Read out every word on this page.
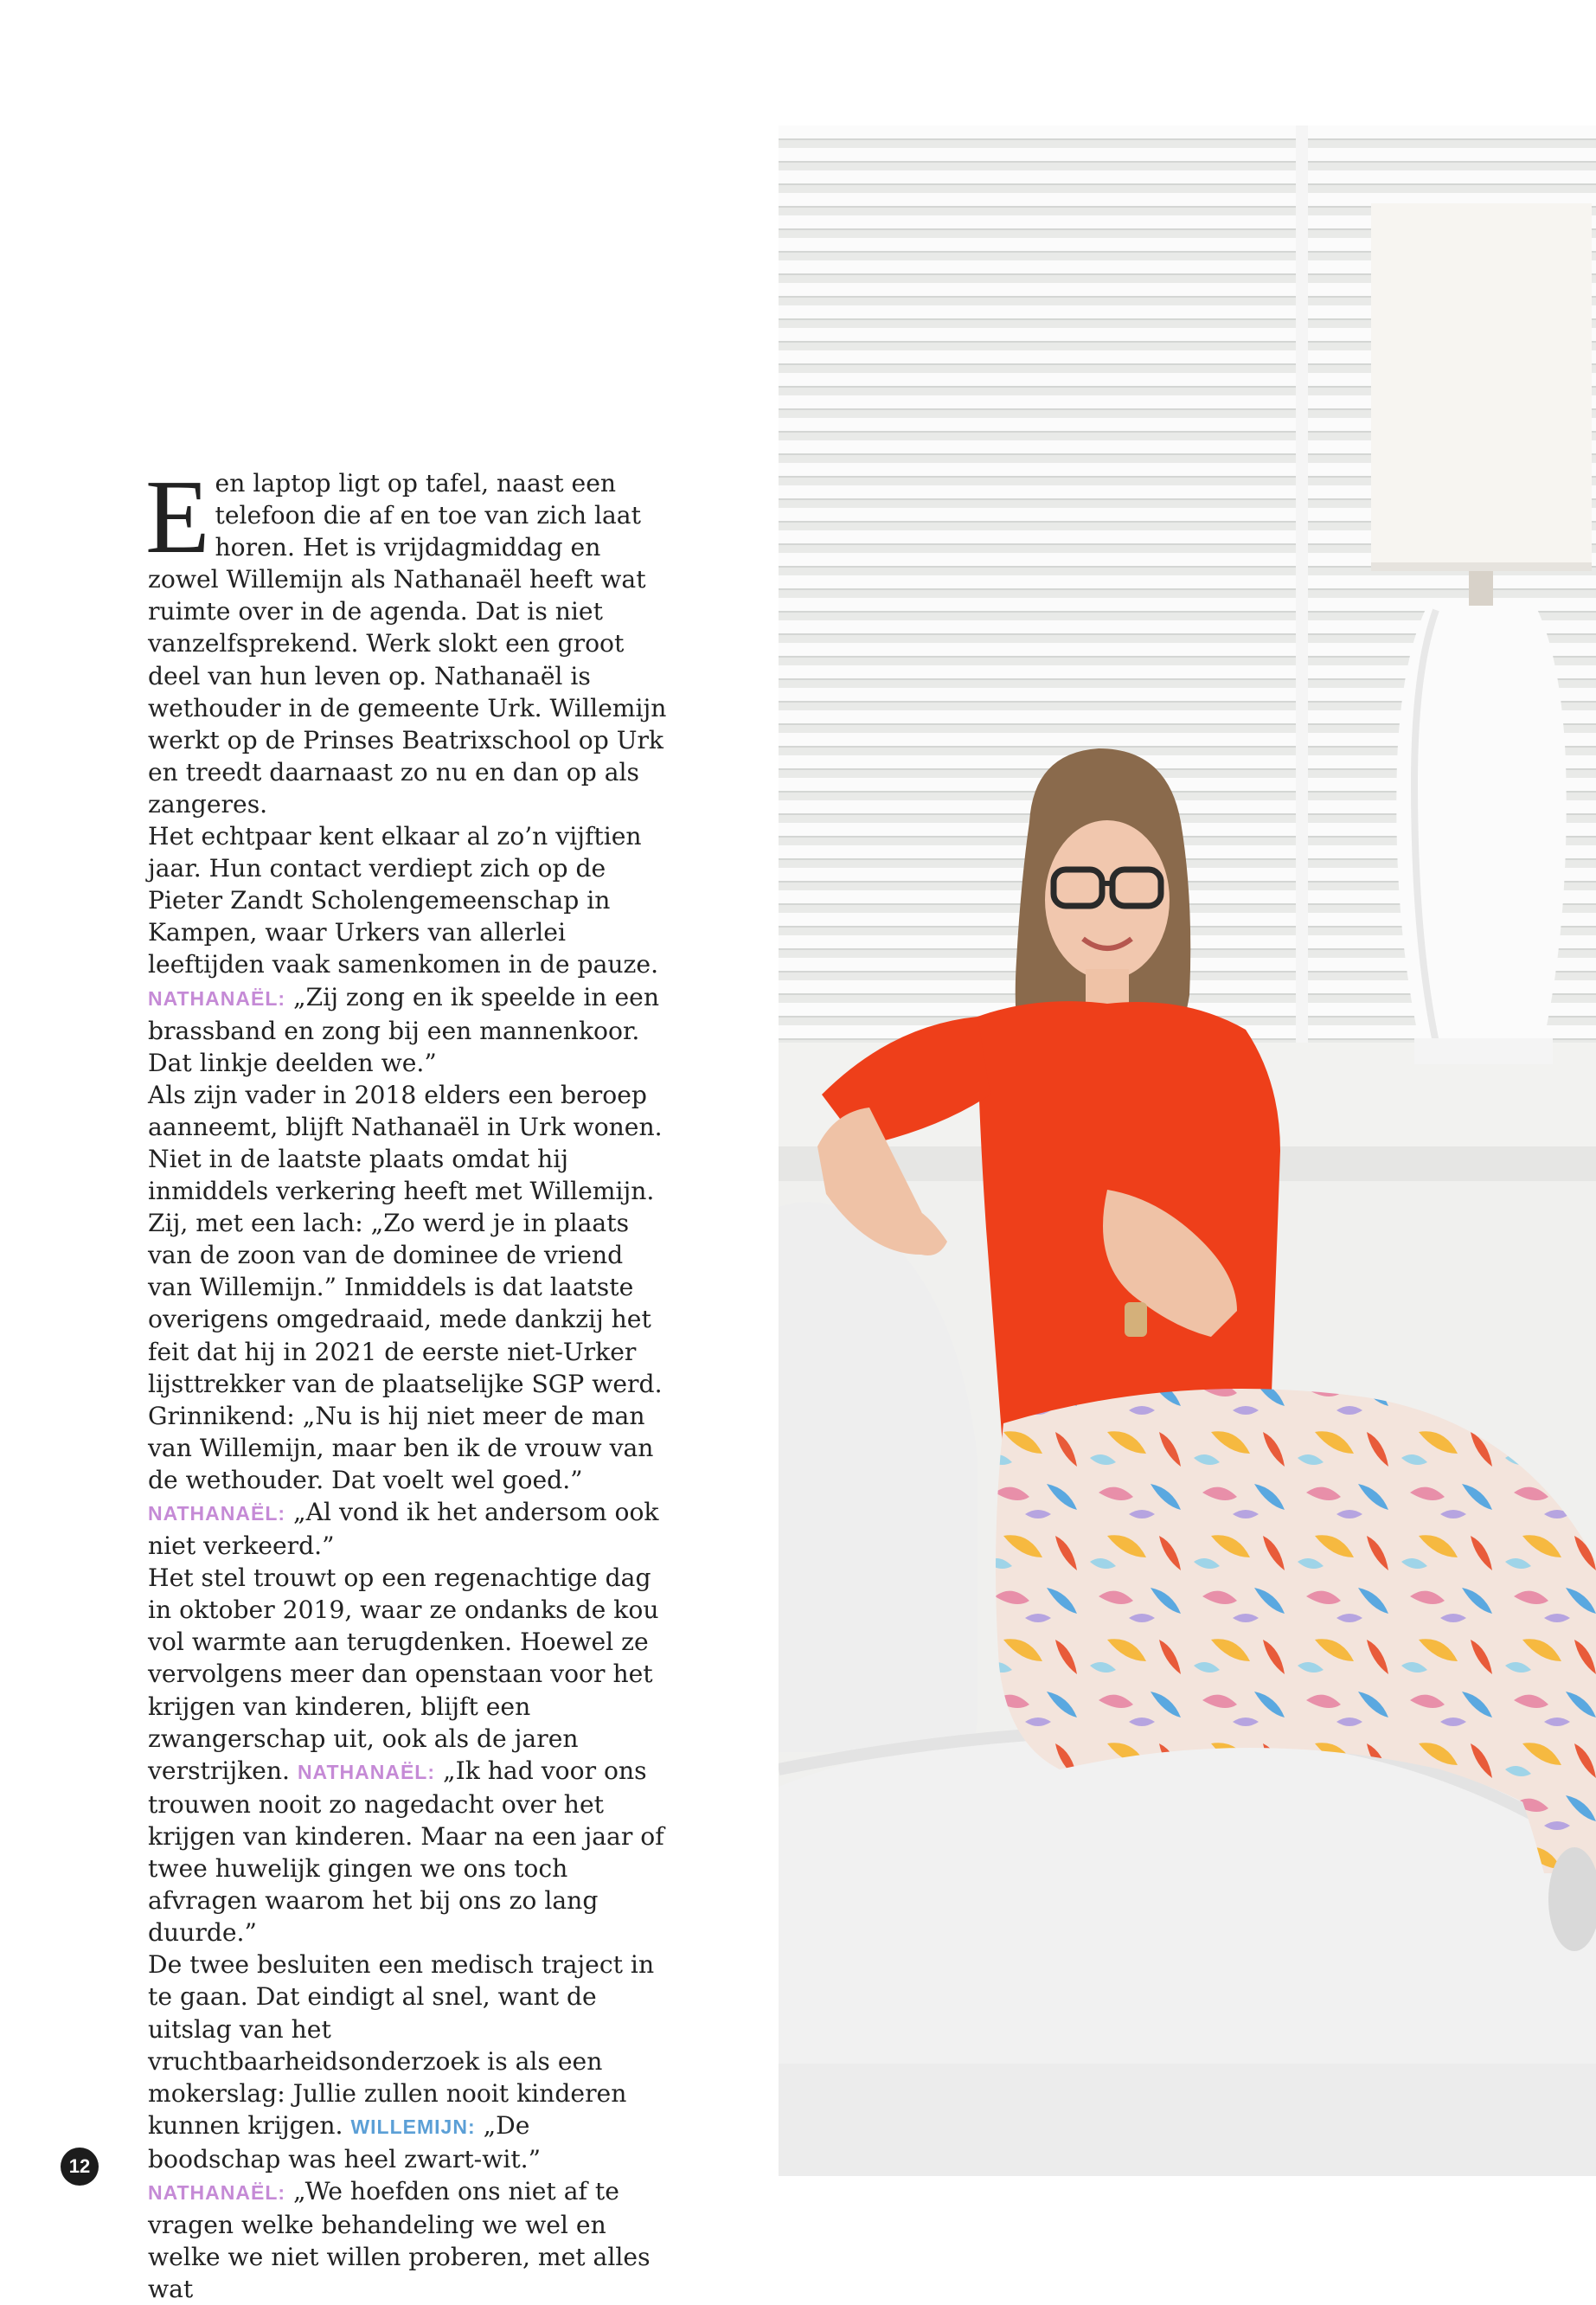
Een laptop ligt op tafel, naast een telefoon die af en toe van zich laat horen. Het is vrijdagmiddag en zowel Willemijn als Nathanaël heeft wat ruimte over in de agenda. Dat is niet vanzelfsprekend. Werk slokt een groot deel van hun leven op. Nathanaël is wethouder in de gemeente Urk. Willemijn werkt op de Prinses Beatrixschool op Urk en treedt daarnaast zo nu en dan op als zangeres.

Het echtpaar kent elkaar al zo’n vijftien jaar. Hun contact verdiept zich op de Pieter Zandt Scholengemeenschap in Kampen, waar Urkers van allerlei leeftijden vaak samenkomen in de pauze. NATHANAËL: „Zij zong en ik speelde in een brassband en zong bij een mannenkoor. Dat linkje deelden we.”

Als zijn vader in 2018 elders een beroep aanneemt, blijft Nathanaël in Urk wonen. Niet in de laatste plaats omdat hij inmiddels verkering heeft met Willemijn. Zij, met een lach: „Zo werd je in plaats van de zoon van de dominee de vriend van Willemijn.” Inmiddels is dat laatste overigens omgedraaid, mede dankzij het feit dat hij in 2021 de eerste niet-Urker lijsttrekker van de plaatselijke SGP werd. Grinnikend: „Nu is hij niet meer de man van Willemijn, maar ben ik de vrouw van de wethouder. Dat voelt wel goed.” NATHANAËL: „Al vond ik het andersom ook niet verkeerd.”

Het stel trouwt op een regenachtige dag in oktober 2019, waar ze ondanks de kou vol warmte aan terugdenken. Hoewel ze vervolgens meer dan openstaan voor het krijgen van kinderen, blijft een zwangerschap uit, ook als de jaren verstrijken. NATHANAËL: „Ik had voor ons trouwen nooit zo nagedacht over het krijgen van kinderen. Maar na een jaar of twee huwelijk gingen we ons toch afvragen waarom het bij ons zo lang duurde.”

De twee besluiten een medisch traject in te gaan. Dat eindigt al snel, want de uitslag van het vruchtbaarheidsonderzoek is als een mokerslag: Jullie zullen nooit kinderen kunnen krijgen. WILLEMIJN: „De boodschap was heel zwart-wit.” NATHANAËL: „We hoefden ons niet af te vragen welke behandeling we wel en welke we niet willen proberen, met alles wat

12
